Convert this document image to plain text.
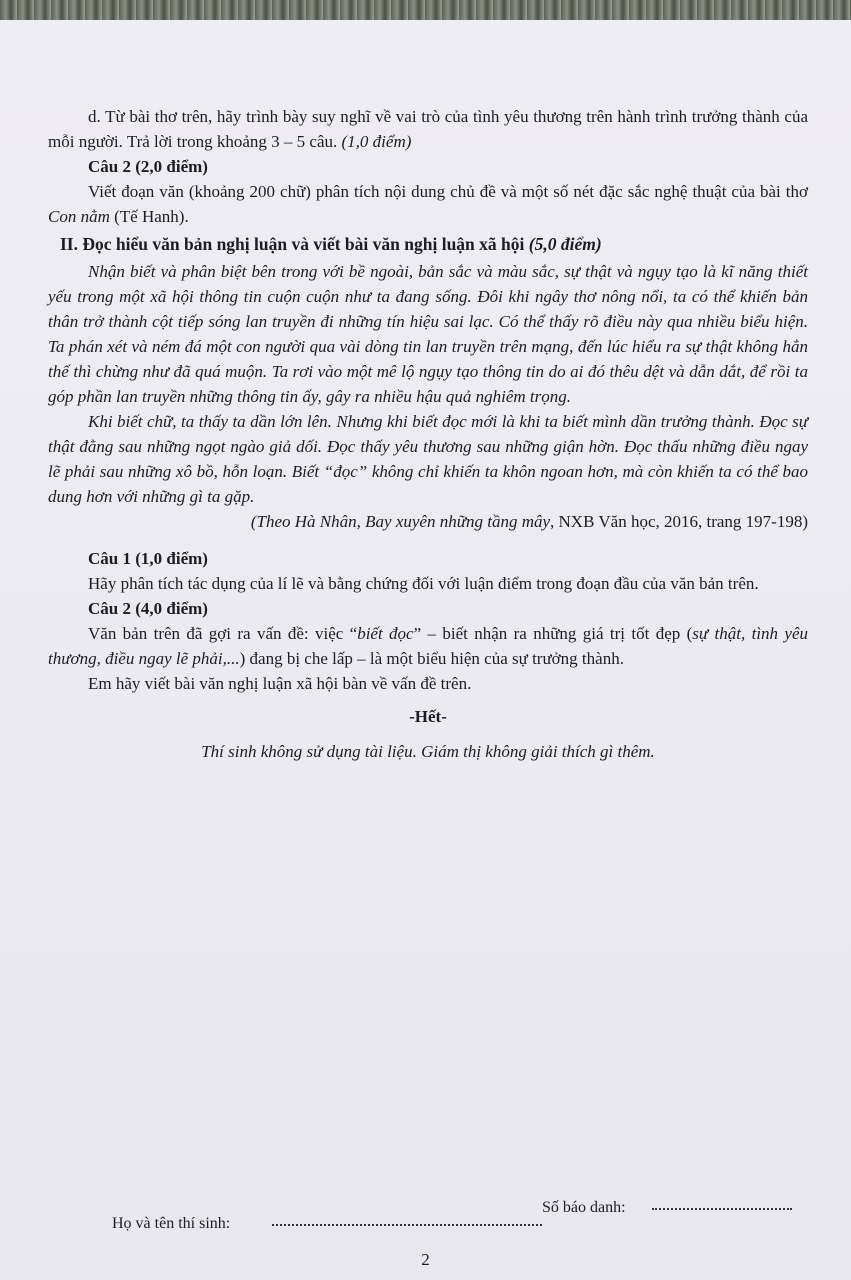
d. Từ bài thơ trên, hãy trình bày suy nghĩ về vai trò của tình yêu thương trên hành trình trưởng thành của mỗi người. Trả lời trong khoảng 3 – 5 câu. (1,0 điểm)

Câu 2 (2,0 điểm)

Viết đoạn văn (khoảng 200 chữ) phân tích nội dung chủ đề và một số nét đặc sắc nghệ thuật của bài thơ Con nằm (Tế Hanh).

II. Đọc hiểu văn bản nghị luận và viết bài văn nghị luận xã hội (5,0 điểm)

Nhận biết và phân biệt bên trong với bề ngoài, bản sắc và màu sắc, sự thật và ngụy tạo là kĩ năng thiết yếu trong một xã hội thông tin cuộn cuộn như ta đang sống. Đôi khi ngây thơ nông nổi, ta có thể khiến bản thân trở thành cột tiếp sóng lan truyền đi những tín hiệu sai lạc. Có thể thấy rõ điều này qua nhiều biểu hiện. Ta phán xét và ném đá một con người qua vài dòng tin lan truyền trên mạng, đến lúc hiểu ra sự thật không hẳn thế thì chừng như đã quá muộn. Ta rơi vào một mê lộ ngụy tạo thông tin do ai đó thêu dệt và dẫn dắt, để rồi ta góp phần lan truyền những thông tin ấy, gây ra nhiều hậu quả nghiêm trọng.

Khi biết chữ, ta thấy ta dần lớn lên. Nhưng khi biết đọc mới là khi ta biết mình dần trưởng thành. Đọc sự thật đằng sau những ngọt ngào giả dối. Đọc thấy yêu thương sau những giận hờn. Đọc thấu những điều ngay lẽ phải sau những xô bồ, hỗn loạn. Biết “đọc” không chỉ khiến ta khôn ngoan hơn, mà còn khiến ta có thể bao dung hơn với những gì ta gặp.

(Theo Hà Nhân, Bay xuyên những tầng mây, NXB Văn học, 2016, trang 197-198)

Câu 1 (1,0 điểm)

Hãy phân tích tác dụng của lí lẽ và bằng chứng đối với luận điểm trong đoạn đầu của văn bản trên.

Câu 2 (4,0 điểm)

Văn bản trên đã gợi ra vấn đề: việc “biết đọc” – biết nhận ra những giá trị tốt đẹp (sự thật, tình yêu thương, điều ngay lẽ phải,...) đang bị che lấp – là một biểu hiện của sự trưởng thành.

Em hãy viết bài văn nghị luận xã hội bàn về vấn đề trên.

-Hết-

Thí sinh không sử dụng tài liệu. Giám thị không giải thích gì thêm.

Họ và tên thí sinh:
Số báo danh:
2
